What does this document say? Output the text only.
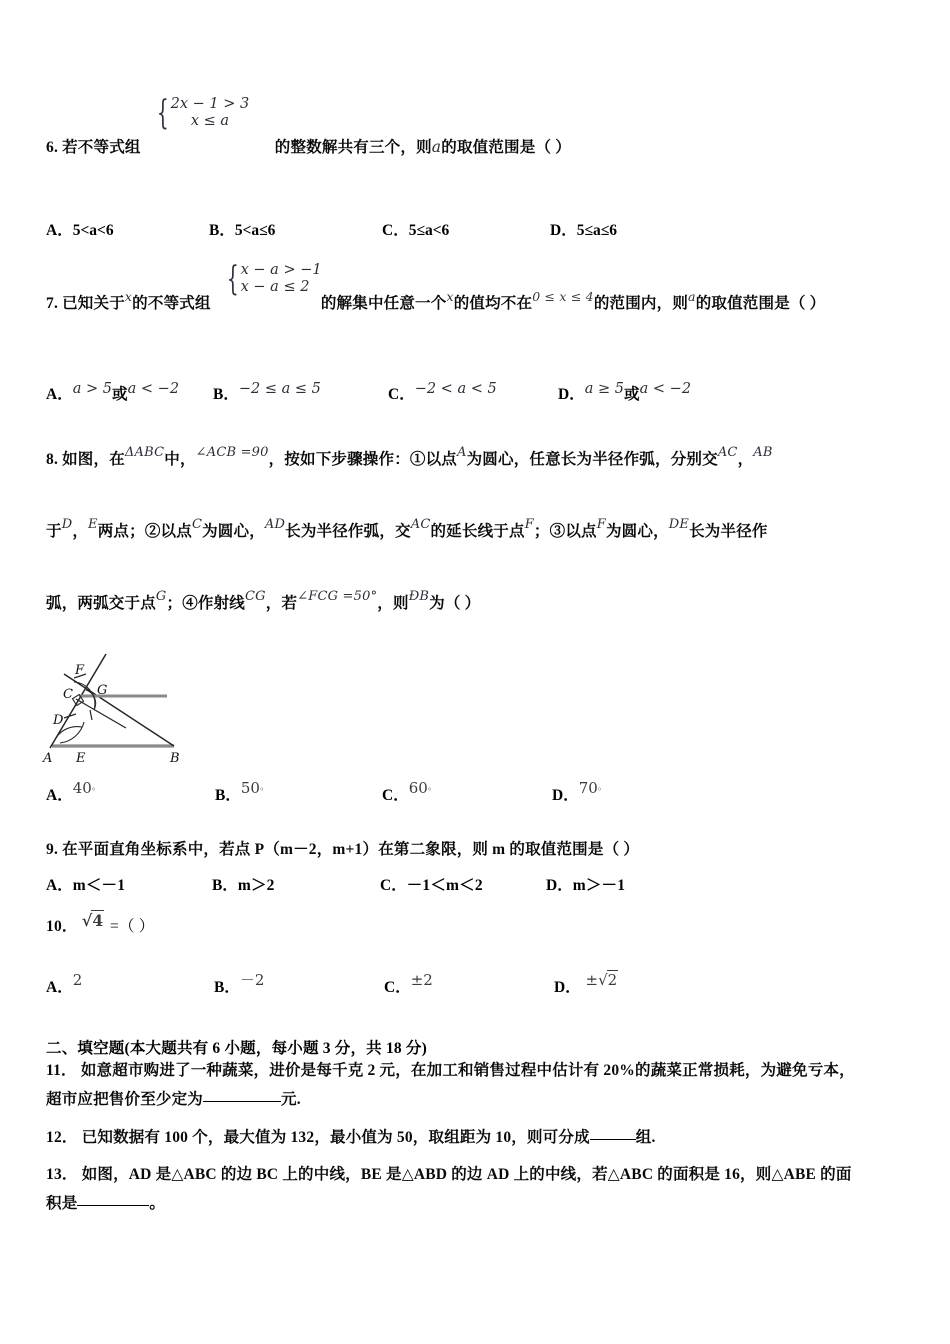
{ 2x − 1 > 3
x ≤ a
6. 若不等式组	的整数解共有三个，则a的取值范围是（ ）
A．5<a<6	B．5<a≤6	C．5≤a<6	D．5≤a≤6
{ x − a > −1
x − a ≤ 2
7. 已知关于$^x$的不等式组	的解集中任意一个$^x$的值均不在$^{0 \le x \le 4}$的范围内，则$^a$的取值范围是（ ）
A．a > 5或a < −2 B．−2 ≤ a ≤ 5	C．−2 < a < 5	D．a ≥ 5或a < −2
8. 如图，在$^{\Delta ABC}$中，$^{\angle ACB =90}$，按如下步骤操作：①以点$^A$为圆心，任意长为半径作弧，分别交$^{AC}$，$^{AB}$
于$^D$，$^E$两点；②以点$^C$为圆心，$^{AD}$长为半径作弧，交$^{AC}$的延长线于点$^F$；③以点$^F$为圆心，$^{DE}$长为半径作
弧，两弧交于点$^G$；④作射线$^{CG}$，若$^{\angle FCG =50^\circ}$，则$^{ÐB}$为（ ）
F
G
C
D
A E	B
A．40°	B．50°	C．60°	D．70°
9. 在平面直角坐标系中，若点 P（m－2，m+1）在第二象限，则 m 的取值范围是（ ）
A．m＜－1	B．m＞2	C．－1＜m＜2	D．m＞－1
10． √4 =（ ）
A．2	B．－2	C．±2	D． ±√2
二、填空题(本大题共有 6 小题，每小题 3 分，共 18 分)
11． 如意超市购进了一种蔬菜，进价是每千克 2 元，在加工和销售过程中估计有 20%的蔬菜正常损耗，为避免亏本，
超市应把售价至少定为	元.
12． 已知数据有 100 个，最大值为 132，最小值为 50，取组距为 10，则可分成	组.
13． 如图，AD 是△ABC 的边 BC 上的中线，BE 是△ABD 的边 AD 上的中线，若△ABC 的面积是 16，则△ABE 的面
积是	。
